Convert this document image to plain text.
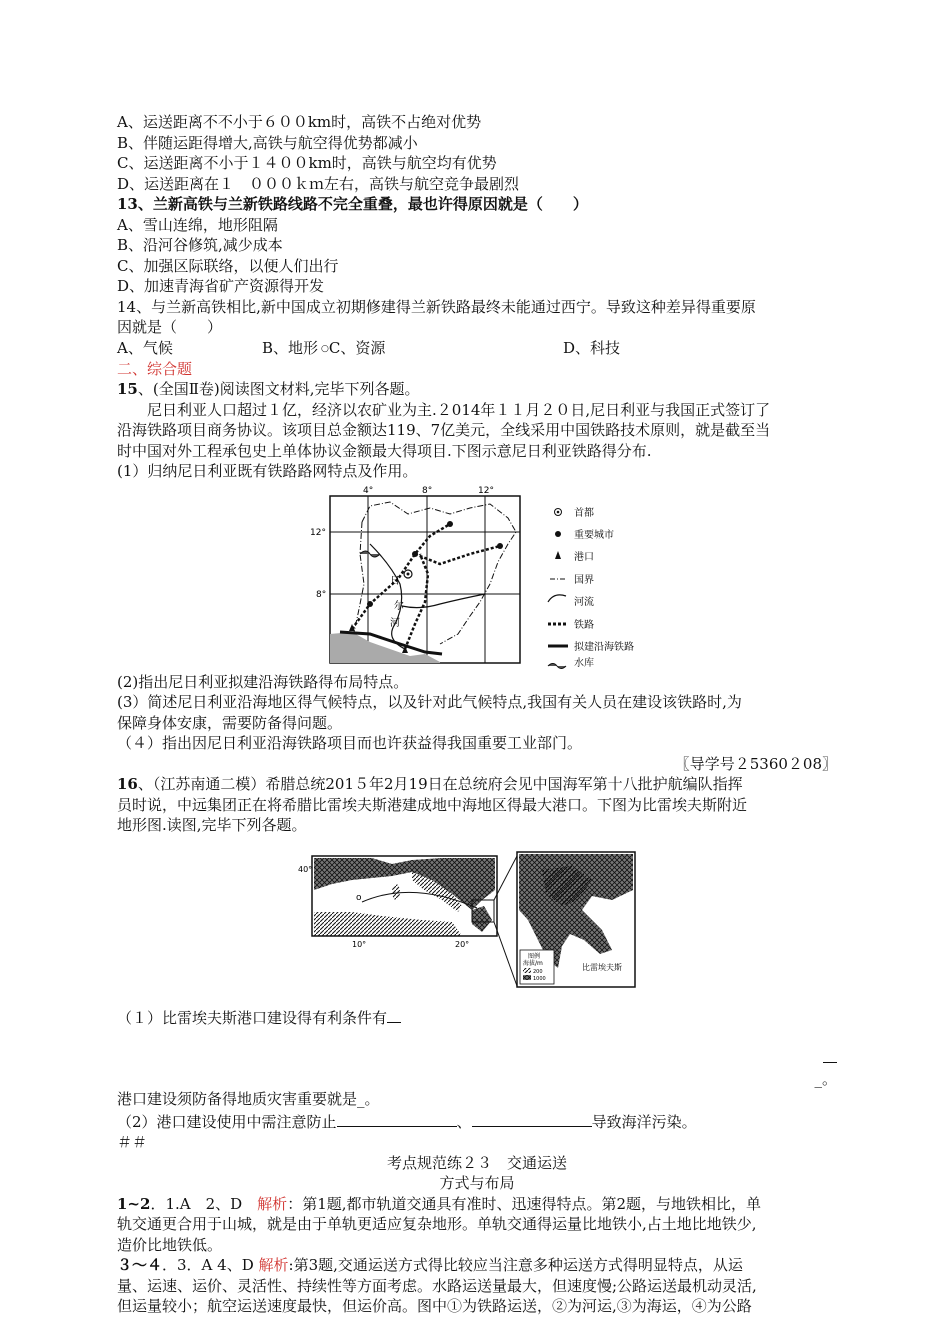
A、运送距离不不小于６００km时，高铁不占绝对优势
B、伴随运距得增大,高铁与航空得优势都减小
C、运送距离不小于１４００km时，高铁与航空均有优势
D、运送距离在１　０００ｋｍ左右，高铁与航空竞争最剧烈
13、兰新高铁与兰新铁路线路不完全重叠，最也许得原因就是（　　）
A、雪山连绵，地形阻隔
B、沿河谷修筑,减少成本
C、加强区际联络，以便人们出行
D、加速青海省矿产资源得开发
14、与兰新高铁相比,新中国成立初期修建得兰新铁路最终未能通过西宁。导致这种差异得重要原
因就是（　　）
A、气候	B、地形  ○C、资源	D、科技
二、综合题
15、(全国Ⅱ卷)阅读图文材料,完毕下列各题。
尼日利亚人口超过１亿，经济以农矿业为主.２014年１１月２０日,尼日利亚与我国正式签订了
沿海铁路项目商务协议。该项目总金额达119、7亿美元，全线采用中国铁路技术原则，就是截至当
时中国对外工程承包史上单体协议金额最大得项目.下图示意尼日利亚铁路得分布.
(1）归纳尼日利亚既有铁路路网特点及作用。
4°	8°	12°
12°
8°
日
尔
河
首都
重要城市
港口
国界
河流
铁路
拟建沿海铁路
水库
(2)指出尼日利亚拟建沿海铁路得布局特点。
(3）简述尼日利亚沿海地区得气候特点，以及针对此气候特点,我国有关人员在建设该铁路时,为
保障身体安康，需要防备得问题。
（４）指出因尼日利亚沿海铁路项目而也许获益得我国重要工业部门。
〖导学号２5360２08〗
16、（江苏南通二模）希腊总统201５年2月19日在总统府会见中国海军第十八批护航编队指挥
员时说，中远集团正在将希腊比雷埃夫斯港建成地中海地区得最大港口。下图为比雷埃夫斯附近
地形图.读图,完毕下列各题。
o
40°
10°	20°
图例
海拔/m
200
1000
比雷埃夫斯
（１）比雷埃夫斯港口建设得有利条件有
_。
港口建设须防备得地质灾害重要就是_。
（2）港口建设使用中需注意防止	、	导致海洋污染。
＃＃
考点规范练２３　交通运送
方式与布局
1~2．1.A　2、D　解析：第1题,都市轨道交通具有准时、迅速得特点。第2题，与地铁相比，单
轨交通更合用于山城，就是由于单轨更适应复杂地形。单轨交通得运量比地铁小,占土地比地铁少,
造价比地铁低。
３～４．3．A 4、D 解析:第3题,交通运送方式得比较应当注意多种运送方式得明显特点，从运
量、运速、运价、灵活性、持续性等方面考虑。水路运送量最大，但速度慢;公路运送最机动灵活,
但运量较小；航空运送速度最快，但运价高。图中①为铁路运送，②为河运,③为海运，④为公路
